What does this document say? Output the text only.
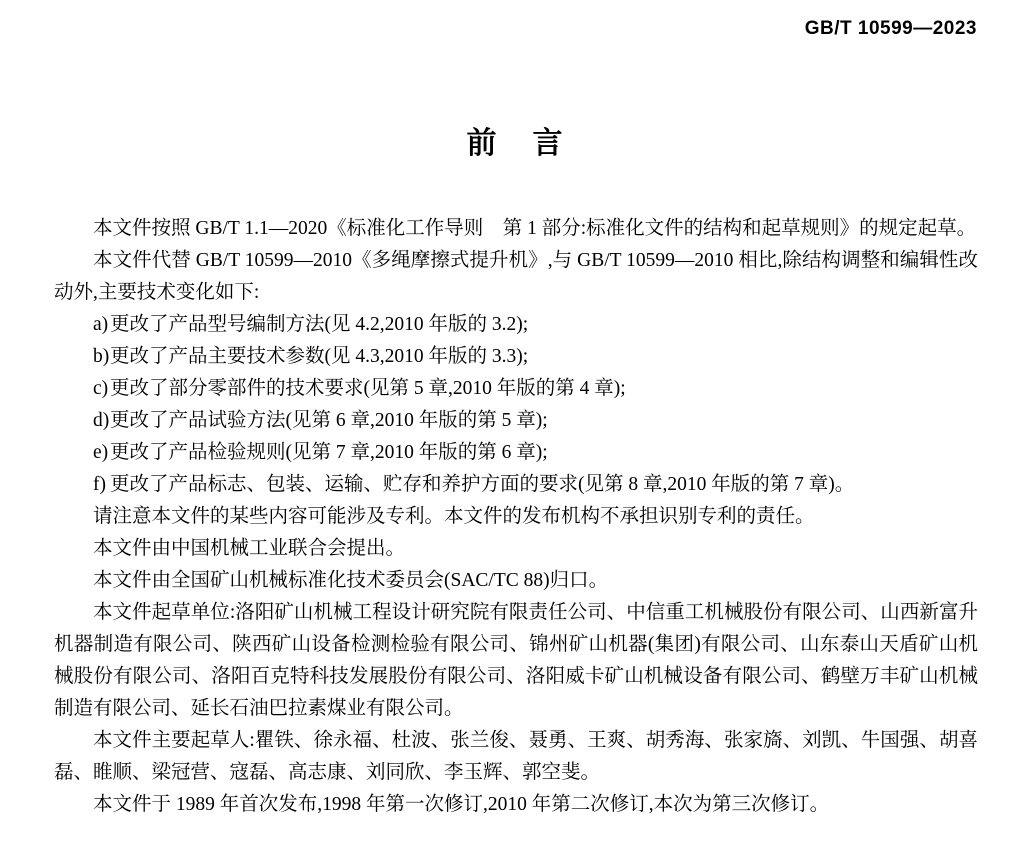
GB/T 10599—2023
前 言

本文件按照 GB/T 1.1—2020《标准化工作导则　第 1 部分:标准化文件的结构和起草规则》的规定起草。

本文件代替 GB/T 10599—2010《多绳摩擦式提升机》,与 GB/T 10599—2010 相比,除结构调整和编辑性改动外,主要技术变化如下:

a) 更改了产品型号编制方法(见 4.2,2010 年版的 3.2);
b) 更改了产品主要技术参数(见 4.3,2010 年版的 3.3);
c) 更改了部分零部件的技术要求(见第 5 章,2010 年版的第 4 章);
d) 更改了产品试验方法(见第 6 章,2010 年版的第 5 章);
e) 更改了产品检验规则(见第 7 章,2010 年版的第 6 章);
f) 更改了产品标志、包装、运输、贮存和养护方面的要求(见第 8 章,2010 年版的第 7 章)。

请注意本文件的某些内容可能涉及专利。本文件的发布机构不承担识别专利的责任。

本文件由中国机械工业联合会提出。

本文件由全国矿山机械标准化技术委员会(SAC/TC 88)归口。

本文件起草单位:洛阳矿山机械工程设计研究院有限责任公司、中信重工机械股份有限公司、山西新富升机器制造有限公司、陕西矿山设备检测检验有限公司、锦州矿山机器(集团)有限公司、山东泰山天盾矿山机械股份有限公司、洛阳百克特科技发展股份有限公司、洛阳威卡矿山机械设备有限公司、鹤壁万丰矿山机械制造有限公司、延长石油巴拉素煤业有限公司。

本文件主要起草人:瞿铁、徐永福、杜波、张兰俊、聂勇、王爽、胡秀海、张家旖、刘凯、牛国强、胡喜磊、睢顺、梁冠营、寇磊、高志康、刘同欣、李玉辉、郭空斐。

本文件于 1989 年首次发布,1998 年第一次修订,2010 年第二次修订,本次为第三次修订。
